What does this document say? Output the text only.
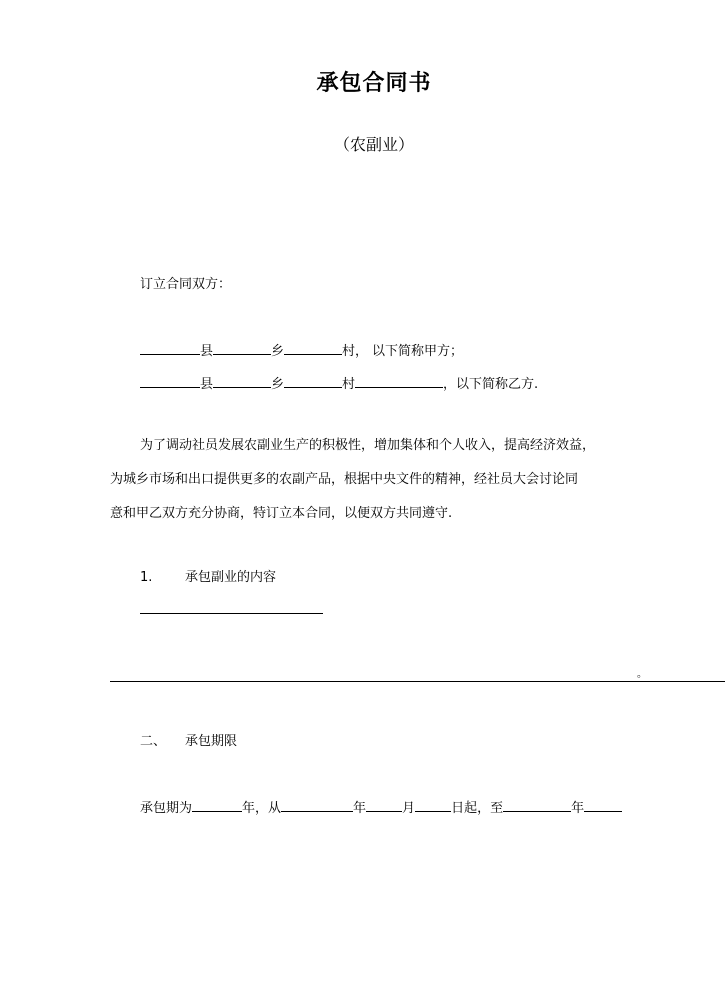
承包合同书
（农副业）
订立合同双方：
县	乡	村， 以下简称甲方；
县	乡	村	，以下简称乙方.
为了调动社员发展农副业生产的积极性，增加集体和个人收入，提高经济效益，
为城乡市场和出口提供更多的农副产品，根据中央文件的精神，经社员大会讨论同
意和甲乙双方充分协商，特订立本合同，以便双方共同遵守.
1.	承包副业的内容
。
二、 承包期限
承包期为	年，从	年	月	日起，至	年
